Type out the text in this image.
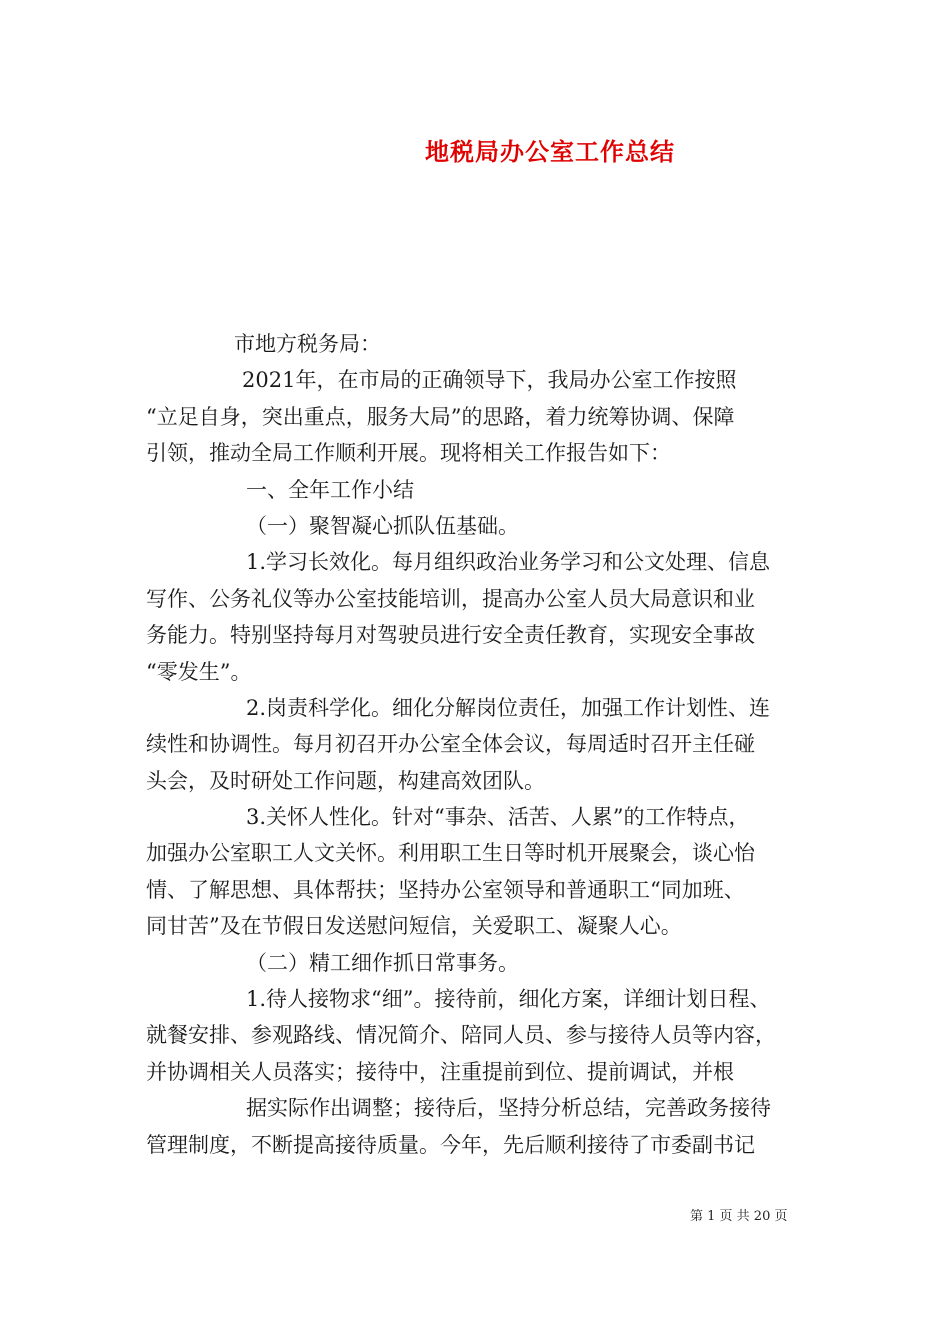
地税局办公室工作总结
市地方税务局：
2021年，在市局的正确领导下，我局办公室工作按照
“立足自身，突出重点，服务大局”的思路，着力统筹协调、保障
引领，推动全局工作顺利开展。现将相关工作报告如下：
一、全年工作小结
（一）聚智凝心抓队伍基础。
1.学习长效化。每月组织政治业务学习和公文处理、信息
写作、公务礼仪等办公室技能培训，提高办公室人员大局意识和业
务能力。特别坚持每月对驾驶员进行安全责任教育，实现安全事故
“零发生”。
2.岗责科学化。细化分解岗位责任，加强工作计划性、连
续性和协调性。每月初召开办公室全体会议，每周适时召开主任碰
头会，及时研处工作问题，构建高效团队。
3.关怀人性化。针对“事杂、活苦、人累”的工作特点，
加强办公室职工人文关怀。利用职工生日等时机开展聚会，谈心怡
情、了解思想、具体帮扶；坚持办公室领导和普通职工“同加班、
同甘苦”及在节假日发送慰问短信，关爱职工、凝聚人心。
（二）精工细作抓日常事务。
1.待人接物求“细”。接待前，细化方案，详细计划日程、
就餐安排、参观路线、情况简介、陪同人员、参与接待人员等内容，
并协调相关人员落实；接待中，注重提前到位、提前调试，并根
据实际作出调整；接待后，坚持分析总结，完善政务接待
管理制度，不断提高接待质量。今年，先后顺利接待了市委副书记
第 1 页 共 20 页
